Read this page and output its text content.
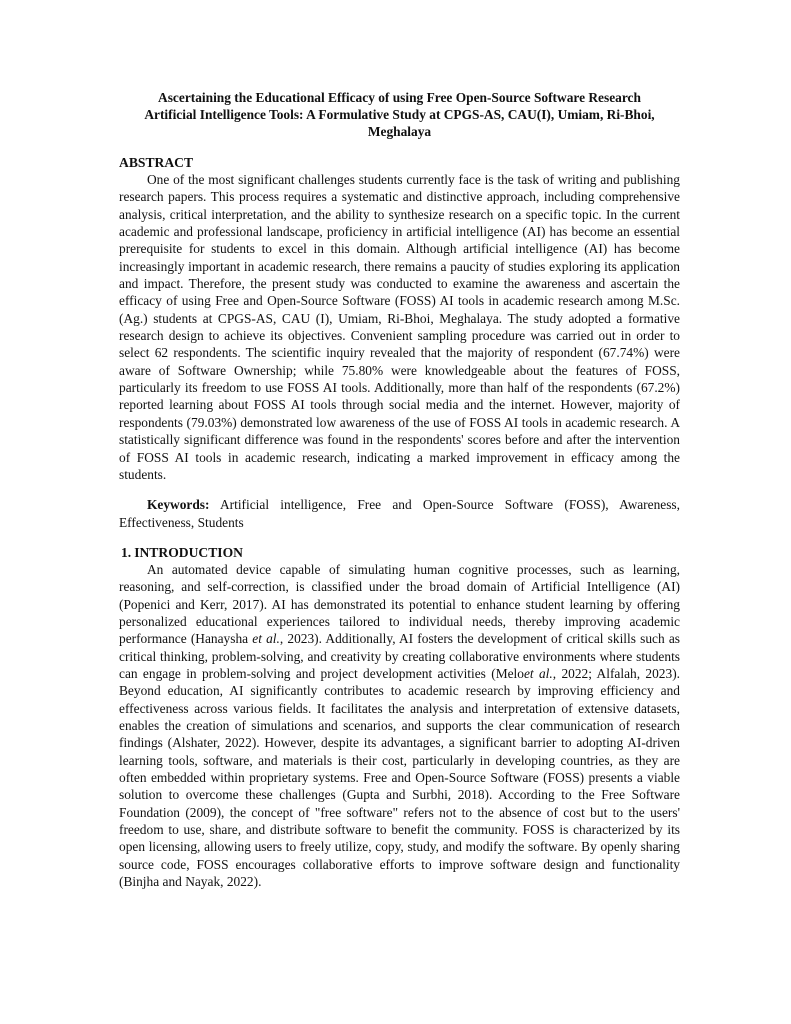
Ascertaining the Educational Efficacy of using Free Open-Source Software Research Artificial Intelligence Tools: A Formulative Study at CPGS-AS, CAU(I), Umiam, Ri-Bhoi, Meghalaya
ABSTRACT

One of the most significant challenges students currently face is the task of writing and publishing research papers. This process requires a systematic and distinctive approach, including comprehensive analysis, critical interpretation, and the ability to synthesize research on a specific topic. In the current academic and professional landscape, proficiency in artificial intelligence (AI) has become an essential prerequisite for students to excel in this domain. Although artificial intelligence (AI) has become increasingly important in academic research, there remains a paucity of studies exploring its application and impact. Therefore, the present study was conducted to examine the awareness and ascertain the efficacy of using Free and Open-Source Software (FOSS) AI tools in academic research among M.Sc. (Ag.) students at CPGS-AS, CAU (I), Umiam, Ri-Bhoi, Meghalaya. The study adopted a formative research design to achieve its objectives. Convenient sampling procedure was carried out in order to select 62 respondents. The scientific inquiry revealed that the majority of respondent (67.74%) were aware of Software Ownership; while 75.80% were knowledgeable about the features of FOSS, particularly its freedom to use FOSS AI tools. Additionally, more than half of the respondents (67.2%) reported learning about FOSS AI tools through social media and the internet. However, majority of respondents (79.03%) demonstrated low awareness of the use of FOSS AI tools in academic research. A statistically significant difference was found in the respondents' scores before and after the intervention of FOSS AI tools in academic research, indicating a marked improvement in efficacy among the students.

Keywords: Artificial intelligence, Free and Open-Source Software (FOSS), Awareness, Effectiveness, Students

1. INTRODUCTION

An automated device capable of simulating human cognitive processes, such as learning, reasoning, and self-correction, is classified under the broad domain of Artificial Intelligence (AI) (Popenici and Kerr, 2017). AI has demonstrated its potential to enhance student learning by offering personalized educational experiences tailored to individual needs, thereby improving academic performance (Hanaysha et al., 2023). Additionally, AI fosters the development of critical skills such as critical thinking, problem-solving, and creativity by creating collaborative environments where students can engage in problem-solving and project development activities (Meloet al., 2022; Alfalah, 2023). Beyond education, AI significantly contributes to academic research by improving efficiency and effectiveness across various fields. It facilitates the analysis and interpretation of extensive datasets, enables the creation of simulations and scenarios, and supports the clear communication of research findings (Alshater, 2022). However, despite its advantages, a significant barrier to adopting AI-driven learning tools, software, and materials is their cost, particularly in developing countries, as they are often embedded within proprietary systems. Free and Open-Source Software (FOSS) presents a viable solution to overcome these challenges (Gupta and Surbhi, 2018). According to the Free Software Foundation (2009), the concept of "free software" refers not to the absence of cost but to the users' freedom to use, share, and distribute software to benefit the community. FOSS is characterized by its open licensing, allowing users to freely utilize, copy, study, and modify the software. By openly sharing source code, FOSS encourages collaborative efforts to improve software design and functionality (Binjha and Nayak, 2022).
